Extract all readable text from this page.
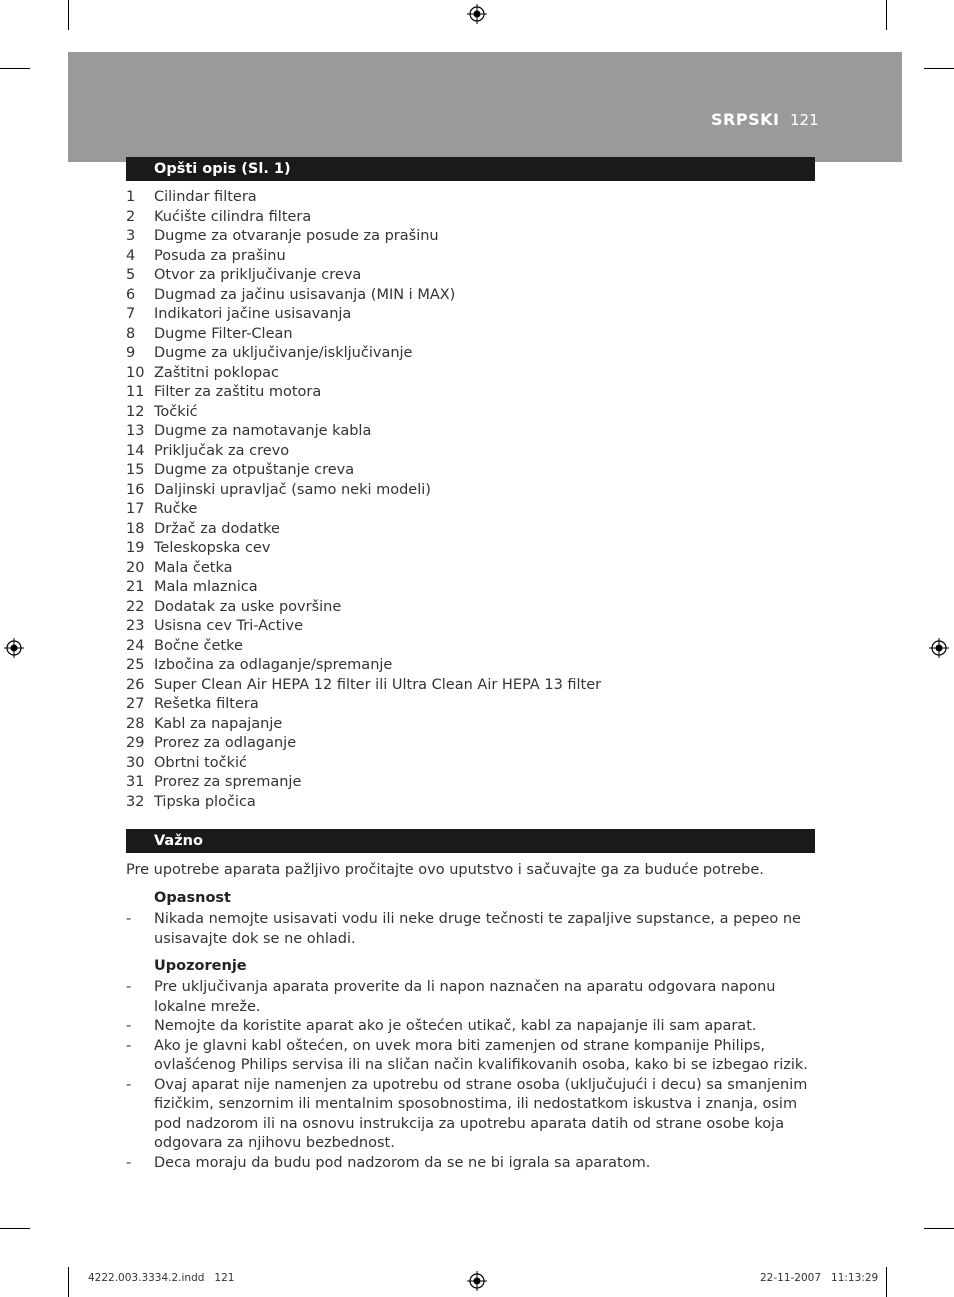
SRPSKI 121
Opšti opis (Sl. 1)
1	Cilindar filtera
2	Kućište cilindra filtera
3	Dugme za otvaranje posude za prašinu
4	Posuda za prašinu
5	Otvor za priključivanje creva
6	Dugmad za jačinu usisavanja (MIN i MAX)
7	Indikatori jačine usisavanja
8	Dugme Filter-Clean
9	Dugme za uključivanje/isključivanje
10 Zaštitni poklopac
11 Filter za zaštitu motora
12 Točkić
13 Dugme za namotavanje kabla
14 Priključak za crevo
15 Dugme za otpuštanje creva
16 Daljinski upravljač (samo neki modeli)
17 Ručke
18 Držač za dodatke
19 Teleskopska cev
20 Mala četka
21 Mala mlaznica
22 Dodatak za uske površine
23 Usisna cev Tri-Active
24 Bočne četke
25 Izbočina za odlaganje/spremanje
26 Super Clean Air HEPA 12 filter ili Ultra Clean Air HEPA 13 filter
27 Rešetka filtera
28 Kabl za napajanje
29 Prorez za odlaganje
30 Obrtni točkić
31 Prorez za spremanje
32 Tipska pločica
Važno
Pre upotrebe aparata pažljivo pročitajte ovo uputstvo i sačuvajte ga za buduće potrebe.
Opasnost
-	Nikada nemojte usisavati vodu ili neke druge tečnosti te zapaljive supstance, a pepeo ne usisavajte dok se ne ohladi.
Upozorenje
-	Pre uključivanja aparata proverite da li napon naznačen na aparatu odgovara naponu lokalne mreže.
-	Nemojte da koristite aparat ako je oštećen utikač, kabl za napajanje ili sam aparat.
-	Ako je glavni kabl oštećen, on uvek mora biti zamenjen od strane kompanije Philips, ovlašćenog Philips servisa ili na sličan način kvalifikovanih osoba, kako bi se izbegao rizik.
-	Ovaj aparat nije namenjen za upotrebu od strane osoba (uključujući i decu) sa smanjenim fizičkim, senzornim ili mentalnim sposobnostima, ili nedostatkom iskustva i znanja, osim pod nadzorom ili na osnovu instrukcija za upotrebu aparata datih od strane osobe koja odgovara za njihovu bezbednost.
-	Deca moraju da budu pod nadzorom da se ne bi igrala sa aparatom.
4222.003.3334.2.indd   121	22-11-2007   11:13:29
